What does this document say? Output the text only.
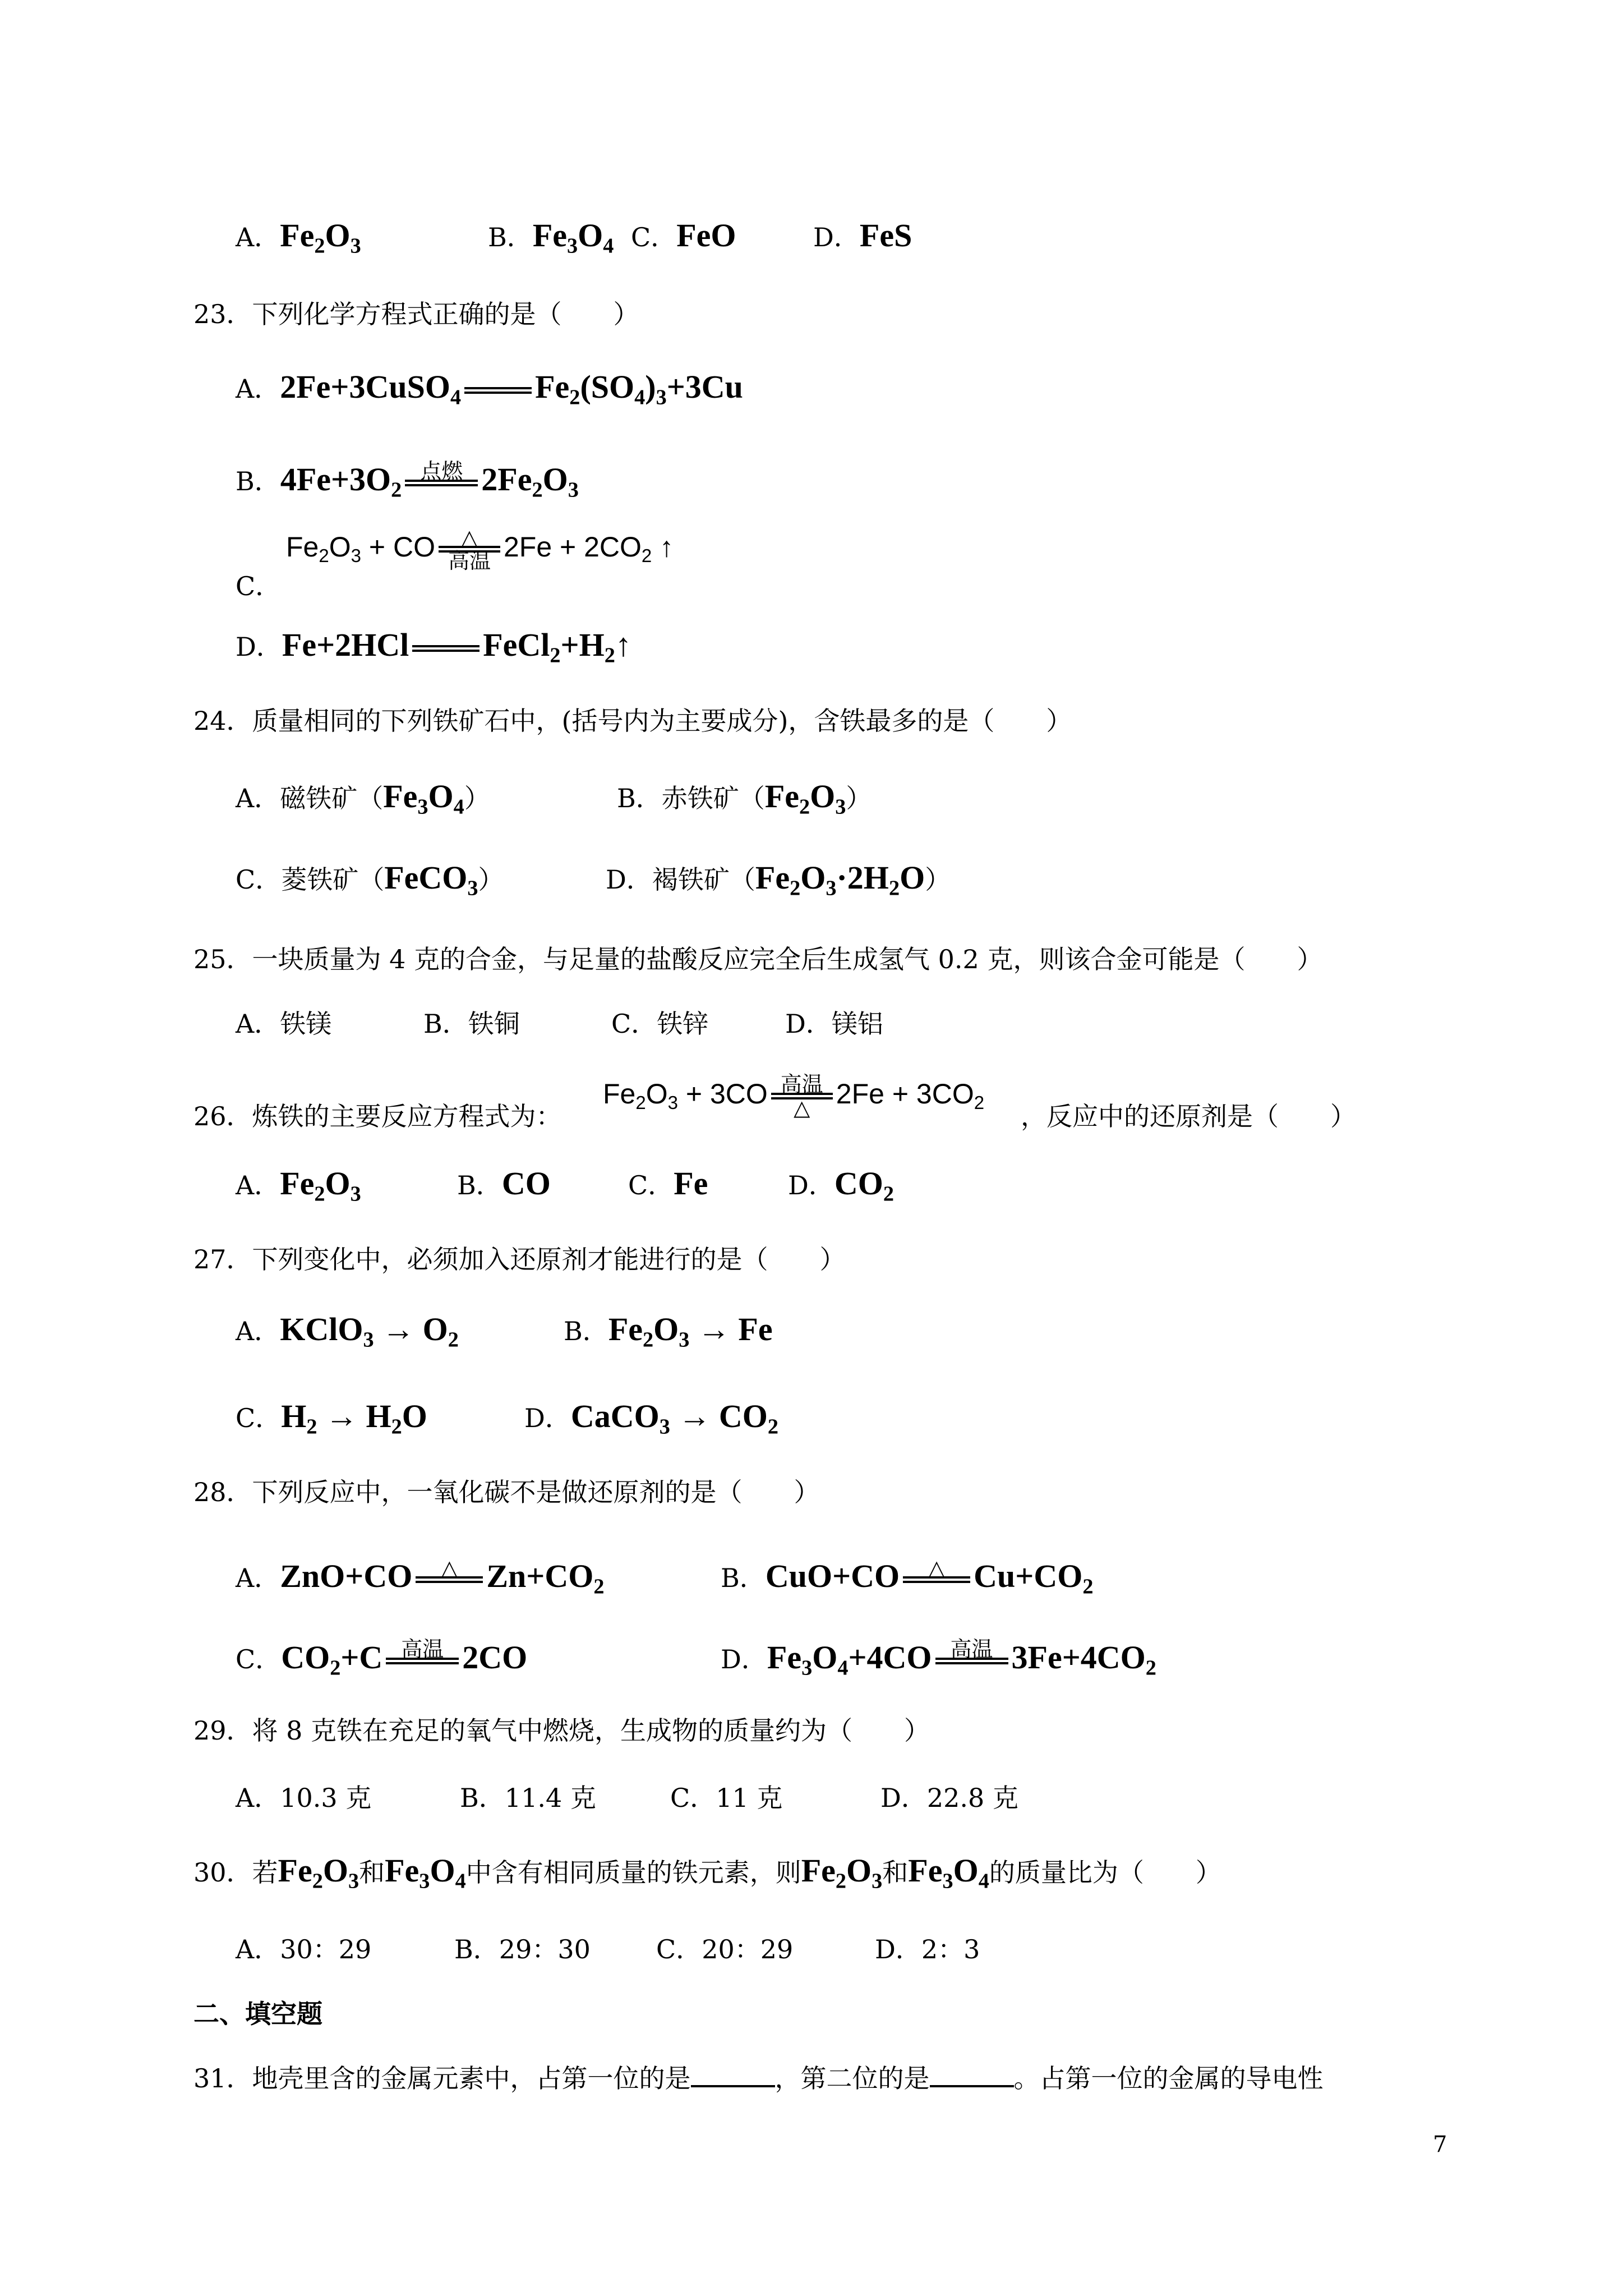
A．$Fe_2O_3$	B．$Fe_3O_4$ C．FeO	D．FeS
23．下列化学方程式正确的是（　　）
A．2Fe+3CuSO$_4$ $Fe_2(SO_4)_3+3Cu$
B．$4Fe+3O_2$
点燃 $2Fe_2O_3$
$Fe_2O_3$ + CO	△
高温 $2Fe + 2CO_2$ ↑
C．
D．Fe+2HCl $FeCl_2+H_2↑$
24．质量相同的下列铁矿石中，(括号内为主要成分)，含铁最多的是（　　）
A．磁铁矿$(Fe_3O_4)$	B．赤铁矿$(Fe_2O_3)$
C．菱铁矿（FeCO$_3$）	D．褐铁矿$(Fe_2O_3\cdot 2H_2O)$
25．一块质量为 4 克的合金，与足量的盐酸反应完全后生成氢气 0.2 克，则该合金可能是（　　）
A．铁镁	B．铁铜	C．铁锌	D．镁铝
26．炼铁的主要反应方程式为：
$Fe_2O_3 + 3CO$ 高温
△ $2Fe + 3CO_2$ ，反应中的还原剂是（　　）
A．$Fe_2O_3$	B．CO	C．Fe	D．$CO_2$
27．下列变化中，必须加入还原剂才能进行的是（　　）
A．KClO$_3$ → $O_2$	B．$Fe_2O_3 \to Fe$
C．$H_2 \to H_2O$	D．CaCO$_3$ → $CO_2$
28．下列反应中，一氧化碳不是做还原剂的是（　　）
A．ZnO+CO	△ $Zn+CO_2$	B．CuO+CO	△ $Cu+CO_2$
C．$CO_2+C$ 高温 2CO	D．$Fe_3O_4+4CO$ 高温 $3Fe+4CO_2$
29．将 8 克铁在充足的氧气中燃烧，生成物的质量约为（　　）
A．10.3 克	B．11.4 克	C．11 克	D．22.8 克
30．若$Fe_2O_3$和$Fe_3O_4$中含有相同质量的铁元素，则$Fe_2O_3$和$Fe_3O_4$的质量比为（　　）
A．30：29	B．29：30	C．20：29	D．2：3
二、填空题
31．地壳里含的金属元素中，占第一位的是	，第二位的是	。占第一位的金属的导电性
7
